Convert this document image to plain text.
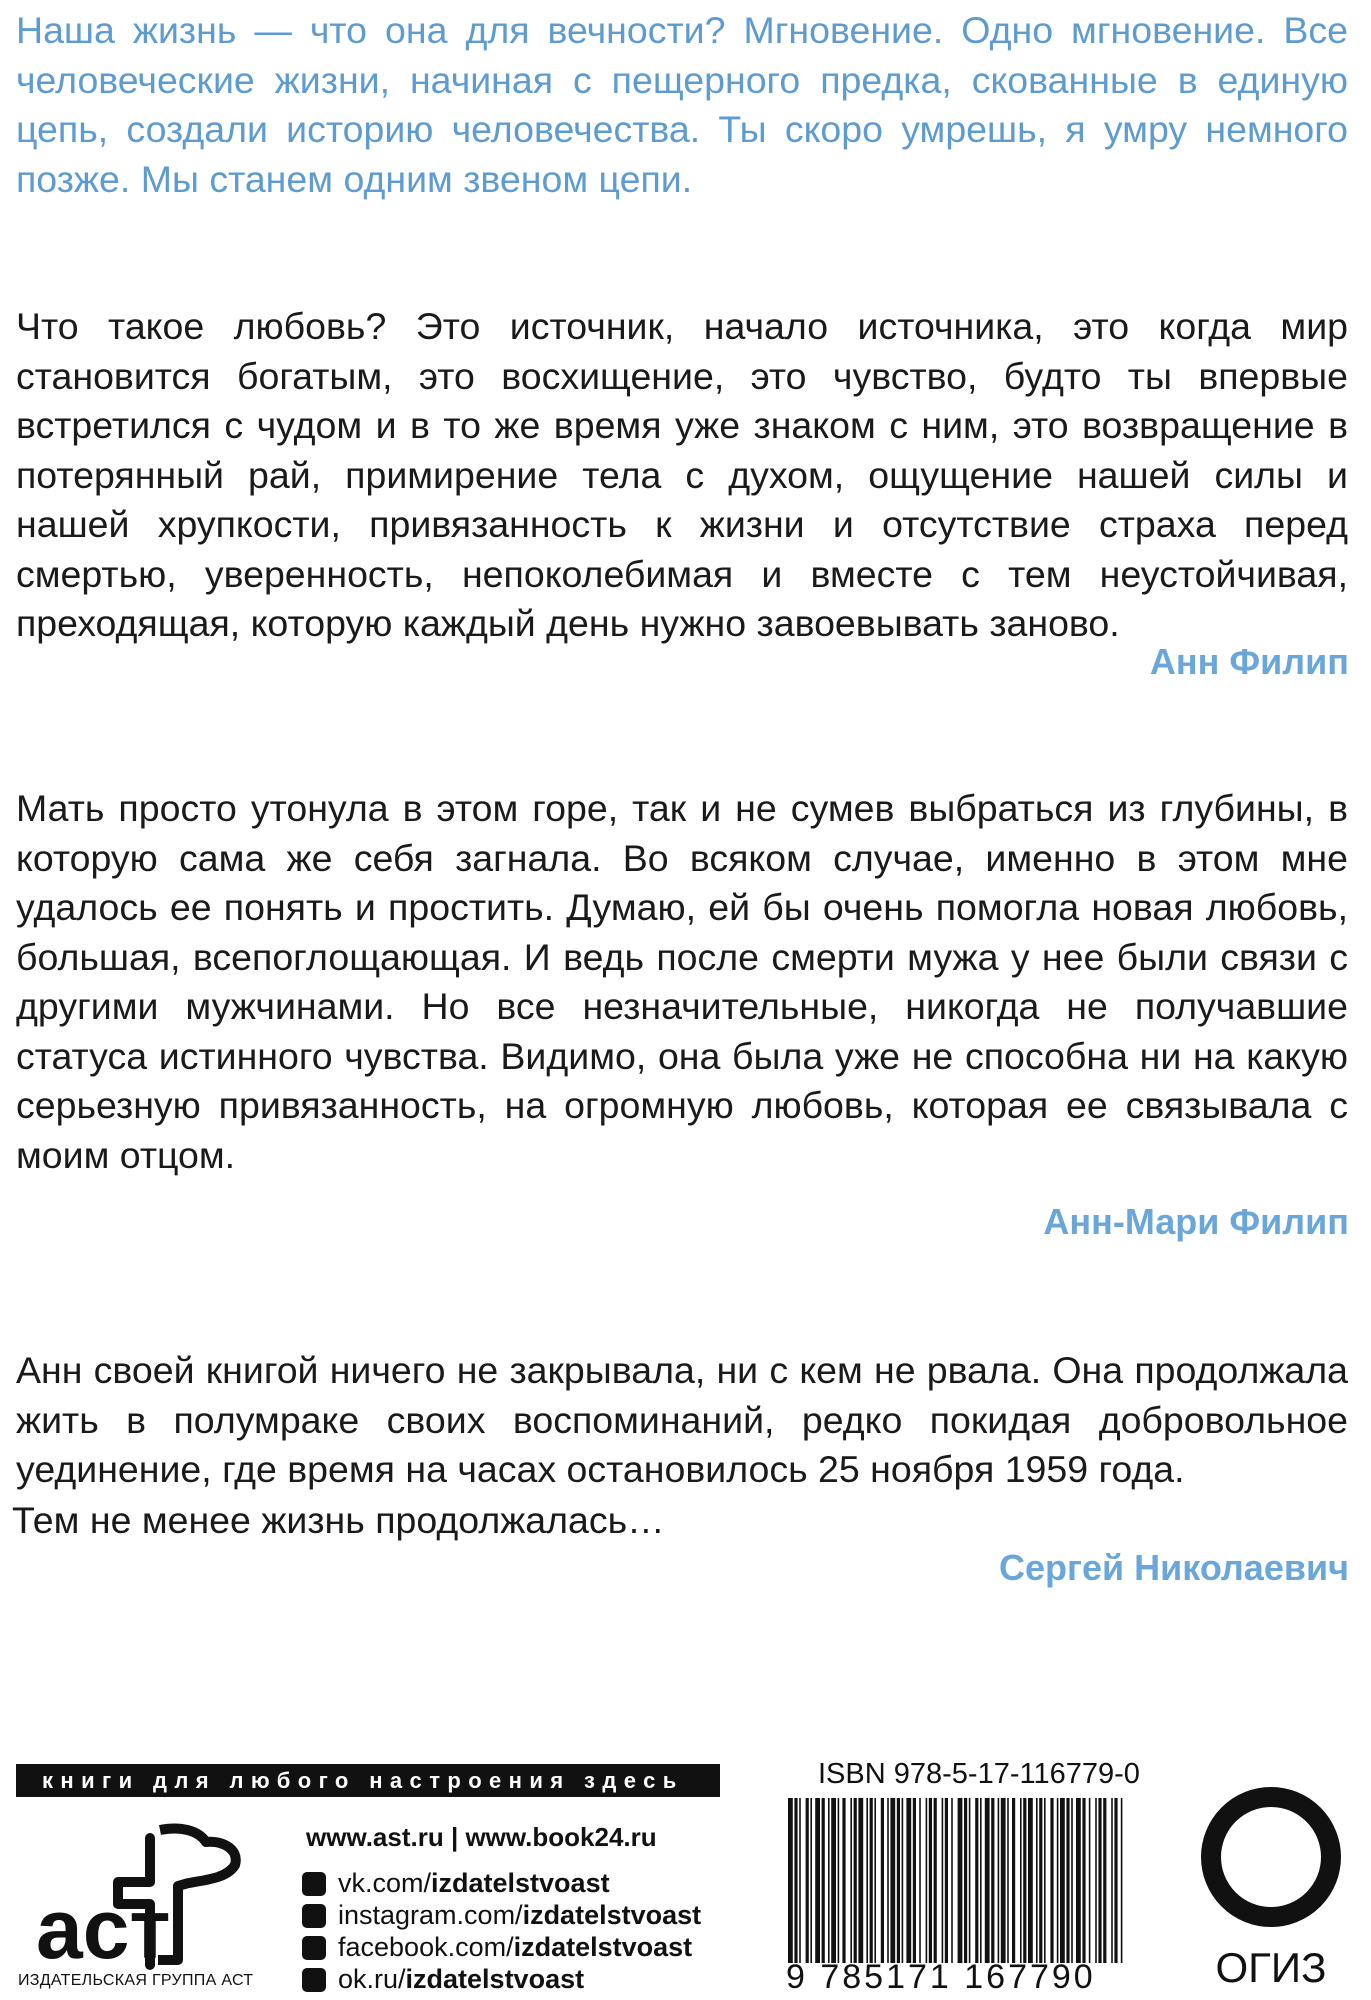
Наша жизнь — что она для вечности? Мгновение. Одно мгновение. Все человеческие жизни, начиная с пещерного предка, скованные в единую цепь, создали историю человечества. Ты скоро умрешь, я умру немного позже. Мы станем одним звеном цепи.

Что такое любовь? Это источник, начало источника, это когда мир становится богатым, это восхищение, это чувство, будто ты впервые встретился с чудом и в то же время уже знаком с ним, это возвращение в потерянный рай, примирение тела с духом, ощущение нашей силы и нашей хрупкости, привязанность к жизни и отсутствие страха перед смертью, уверенность, непоколебимая и вместе с тем неустойчивая, преходящая, которую каждый день нужно завоевывать заново.

Анн Филип

Мать просто утонула в этом горе, так и не сумев выбраться из глубины, в которую сама же себя загнала. Во всяком случае, именно в этом мне удалось ее понять и простить. Думаю, ей бы очень помогла новая любовь, большая, всепоглощающая. И ведь после смерти мужа у нее были связи с другими мужчинами. Но все незначительные, никогда не получавшие статуса истинного чувства. Видимо, она была уже не способна ни на какую серьезную привязанность, на огромную любовь, которая ее связывала с моим отцом.

Анн-Мари Филип

Анн своей книгой ничего не закрывала, ни с кем не рвала. Она продолжала жить в полумраке своих воспоминаний, редко покидая добровольное уединение, где время на часах остановилось 25 ноября 1959 года.

Тем не менее жизнь продолжалась…

Сергей Николаевич

книги для любого настроения здесь
аст
ИЗДАТЕЛЬСКАЯ ГРУППА АСТ
www.ast.ru | www.book24.ru
vk.com/ izdatelstvoast
instagram.com/ izdatelstvoast
facebook.com/ izdatelstvoast
ok.ru/ izdatelstvoast
ISBN 978-5-17-116779-0
9 785171 167790	ОГИЗ
